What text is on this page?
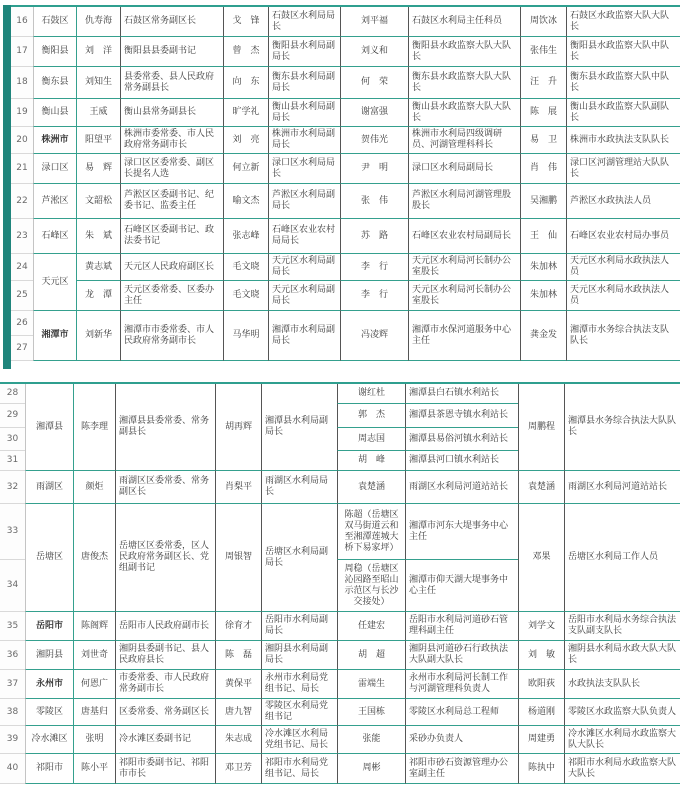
16	石鼓区	仇寿海	石鼓区常务副区长	戈　锋	石鼓区水利局局长	刘平福	石鼓区水利局主任科员	周饮冰	石鼓区水政监察大队大队长
17	衡阳县	刘　洋	衡阳县县委副书记	曾　杰	衡阳县水利局副局长	刘义和	衡阳县水政监察大队大队长	张伟生	衡阳县水政监察大队中队长
18	衡东县	刘知生	县委常委、县人民政府常务副县长	向　东	衡东县水利局副局长	何　荣	衡东县水政监察大队大队长	汪　升	衡东县水政监察大队中队长
19	衡山县	王威	衡山县常务副县长	旷学礼	衡山县水利局副局长	谢富强	衡山县水政监察大队大队长	陈　展	衡山县水政监察大队副队长
20	株洲市	阳望平	株洲市委常委、市人民政府常务副市长	刘　亮	株洲市水利局副局长	贺伟光	株洲市水利局四级调研员、河湖管理科科长	易　卫	株洲市水政执法支队队长
21	渌口区	易　辉	渌口区区委常委、副区长提名人选	何立新	渌口区水利局局长	尹　明	渌口区水利局副局长	肖　伟	渌口区河湖管理站大队队长
22	芦淞区	文韶松	芦淞区区委副书记、纪委书记、监委主任	喻文杰	芦淞区水利局副局长	张　伟	芦淞区水利局河湖管理股股长	吴湘鹏	芦淞区水政执法人员
23	石峰区	朱　斌	石峰区区委副书记、政法委书记	张志峰	石峰区农业农村局局长	苏　路	石峰区农业农村局副局长	王　仙	石峰区农业农村局办事员
24	天元区	黄志斌	天元区人民政府副区长	毛文晓	天元区水利局副局长	李　行	天元区水利局河长制办公室股长	朱加林	天元区水利局水政执法人员
25		龙　潭	天元区委常委、区委办主任	毛文晓	天元区水利局副局长	李　行	天元区水利局河长制办公室股长	朱加林	天元区水利局水政执法人员
26	湘潭市	刘新华	湘潭市市委常委、市人民政府常务副市长	马华明	湘潭市水利局副局长	冯凌辉	湘潭市水保河道服务中心主任	龚金发	湘潭市水务综合执法支队队长
27									
28	湘潭县	陈李理	湘潭县县委常委、常务副县长	胡再辉	湘潭县水利局副局长	谢红杜	湘潭县白石镇水利站长	周鹏程	湘潭县水务综合执法大队队长
29						郭　杰	湘潭县茶恩寺镇水利站长		
30						周志国	湘潭县易俗河镇水利站长		
31						胡　峰	湘潭县河口镇水利站长		
32	雨湖区	颜炬	雨湖区区委常委、常务副区长	肖梨平	雨湖区水利局局长	袁楚涵	雨湖区水利局河道站站长	袁楚涵	雨湖区水利局河道站站长
33	岳塘区	唐俊杰	岳塘区区委常委，区人民政府常务副区长、党组副书记	周银智	岳塘区水利局副局长	陈超（岳塘区双马街道云和至湘潭莲城大桥下易家坪）	湘潭市河东大堤事务中心主任	邓果	岳塘区水利局工作人员
34						周稳（岳塘区沁园路至昭山示范区与长沙交接处）	湘潭市仰天湖大堤事务中心主任		
35	岳阳市	陈阁辉	岳阳市人民政府副市长	徐育才	岳阳市水利局副局长	任建宏	岳阳市水利局河道砂石管理科副主任	刘学文	岳阳市水利局水务综合执法支队副支队长
36	湘阴县	刘世奇	湘阴县委副书记、县人民政府县长	陈　磊	湘阴县水利局副局长	胡　超	湘阴县河道砂石行政执法大队副大队长	刘　敏	湘阴县水利局水政大队大队长
37	永州市	何恩广	市委常委、市人民政府常务副市长	黄保平	永州市水利局党组书记、局长	雷端生	永州市水利局河长制工作与河湖管理科负责人	欧阳荻	水政执法支队队长
38	零陵区	唐基归	区委常委、常务副区长	唐九智	零陵区水利局党组书记	王国栋	零陵区水利局总工程师	杨道刚	零陵区水政监察大队负责人
39	冷水滩区	张明	冷水滩区委副书记	朱志成	冷水滩区水利局党组书记、局长	张能	采砂办负责人	周建勇	冷水滩区水利局水政监察大队大队长
40	祁阳市	陈小平	祁阳市委副书记、祁阳市市长	邓卫芳	祁阳市水利局党组书记、局长	周彬	祁阳市砂石资源管理办公室副主任	陈执中	祁阳市水利局水政监察大队大队长
